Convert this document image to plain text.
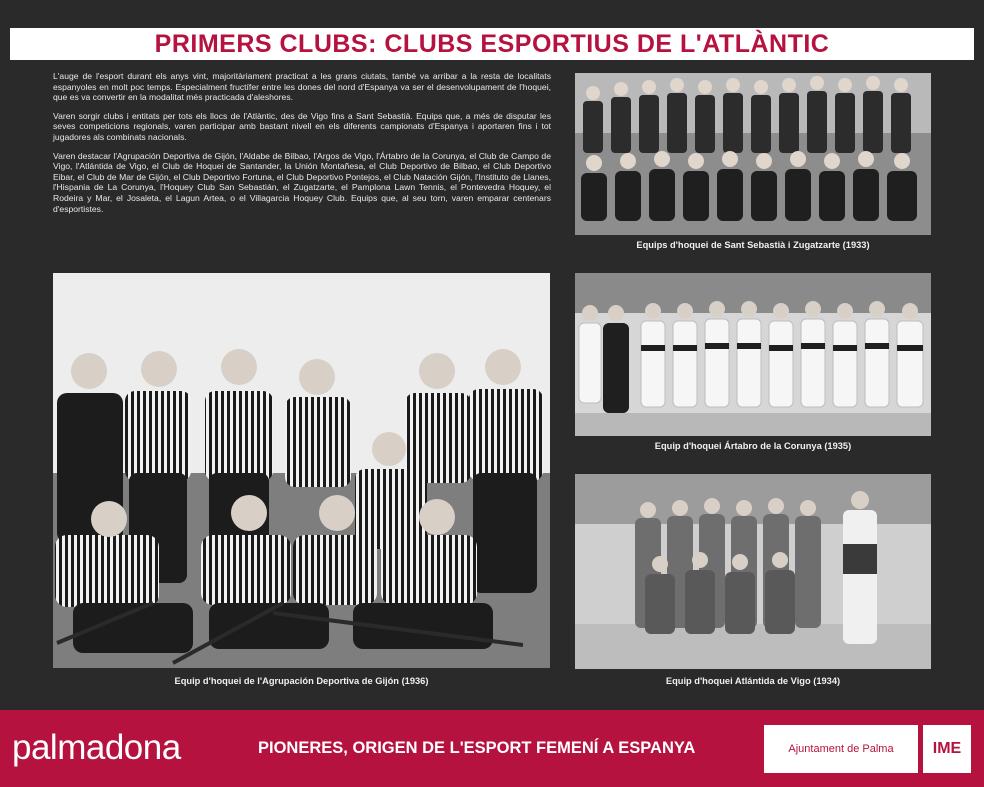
PRIMERS CLUBS: CLUBS ESPORTIUS DE L'ATLÀNTIC

L'auge de l'esport durant els anys vint, majoritàriament practicat a les grans ciutats, també va arribar a la resta de localitats espanyoles en molt poc temps. Especialment fructífer entre les dones del nord d'Espanya va ser el desenvolupament de l'hoquei, que es va convertir en la modalitat més practicada d'aleshores.

Varen sorgir clubs i entitats per tots els llocs de l'Atlàntic, des de Vigo fins a Sant Sebastià. Equips que, a més de disputar les seves competicions regionals, varen participar amb bastant nivell en els diferents campionats d'Espanya i aportaren fins i tot jugadores als combinats nacionals.

Varen destacar l'Agrupación Deportiva de Gijón, l'Aldabe de Bilbao, l'Argos de Vigo, l'Ártabro de la Corunya, el Club de Campo de Vigo, l'Atlántida de Vigo, el Club de Hoquei de Santander, la Unión Montañesa, el Club Deportivo de Bilbao, el Club Deportivo Eibar, el Club de Mar de Gijón, el Club Deportivo Fortuna, el Club Deportivo Pontejos, el Club Natación Gijón, l'Instituto de Llanes, l'Hispania de La Corunya, l'Hoquey Club San Sebastián, el Zugatzarte, el Pamplona Lawn Tennis, el Pontevedra Hoquey, el Rodeira y Mar, el Josaleta, el Lagun Artea, o el Villagarcia Hoquey Club. Equips que, al seu torn, varen emparar centenars d'esportistes.

Equips d'hoquei de Sant Sebastià i Zugatzarte (1933)
Equip d'hoquei de l'Agrupación Deportiva de Gijón (1936)
Equip d'hoquei Ártabro de la Corunya (1935)
Equip d'hoquei Atlántida de Vigo (1934)
palmadona	PIONERES, ORIGEN DE L'ESPORT FEMENÍ A ESPANYA	Ajuntament de Palma IME
